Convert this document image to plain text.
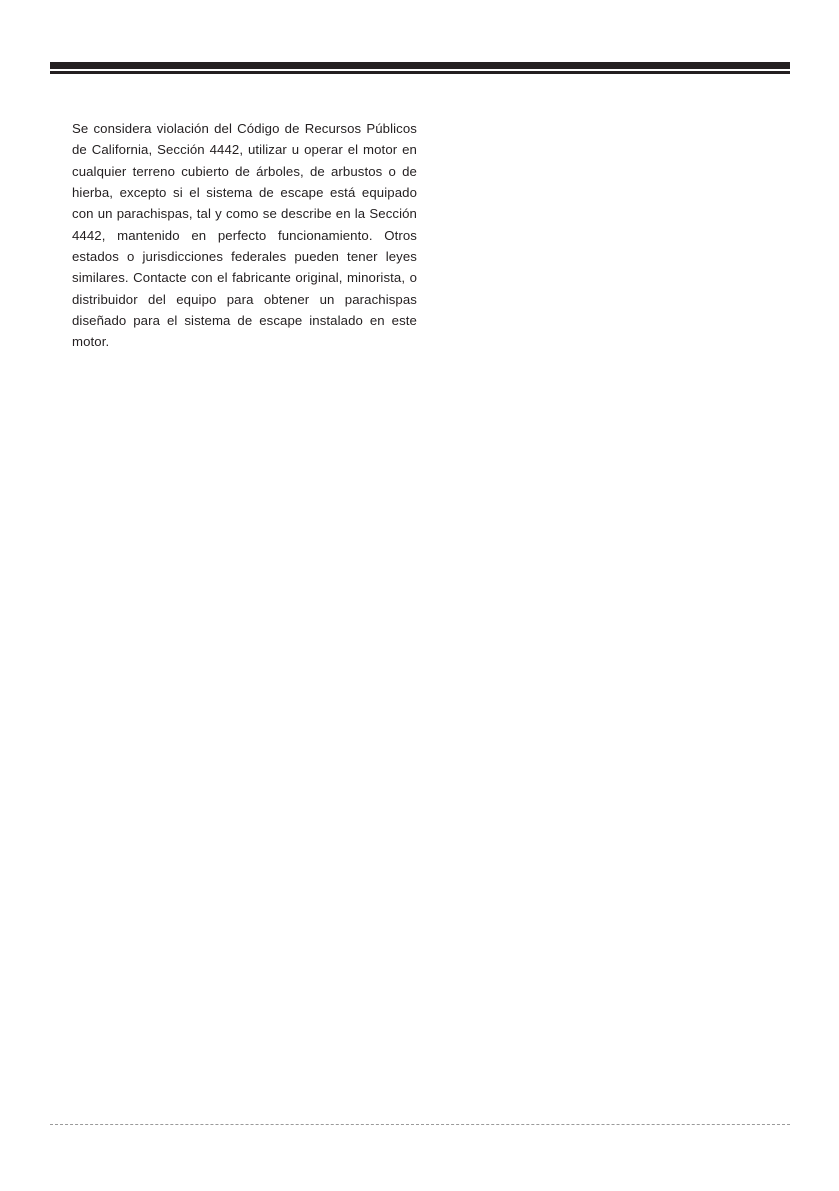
Se considera violación del Código de Recursos Públicos de California, Sección 4442, utilizar u operar el motor en cualquier terreno cubierto de árboles, de arbustos o de hierba, excepto si el sistema de escape está equipado con un parachispas, tal y como se describe en la Sección 4442, mantenido en perfecto funcionamiento. Otros estados o jurisdicciones federales pueden tener leyes similares. Contacte con el fabricante original, minorista, o distribuidor del equipo para obtener un parachispas diseñado para el sistema de escape instalado en este motor.
